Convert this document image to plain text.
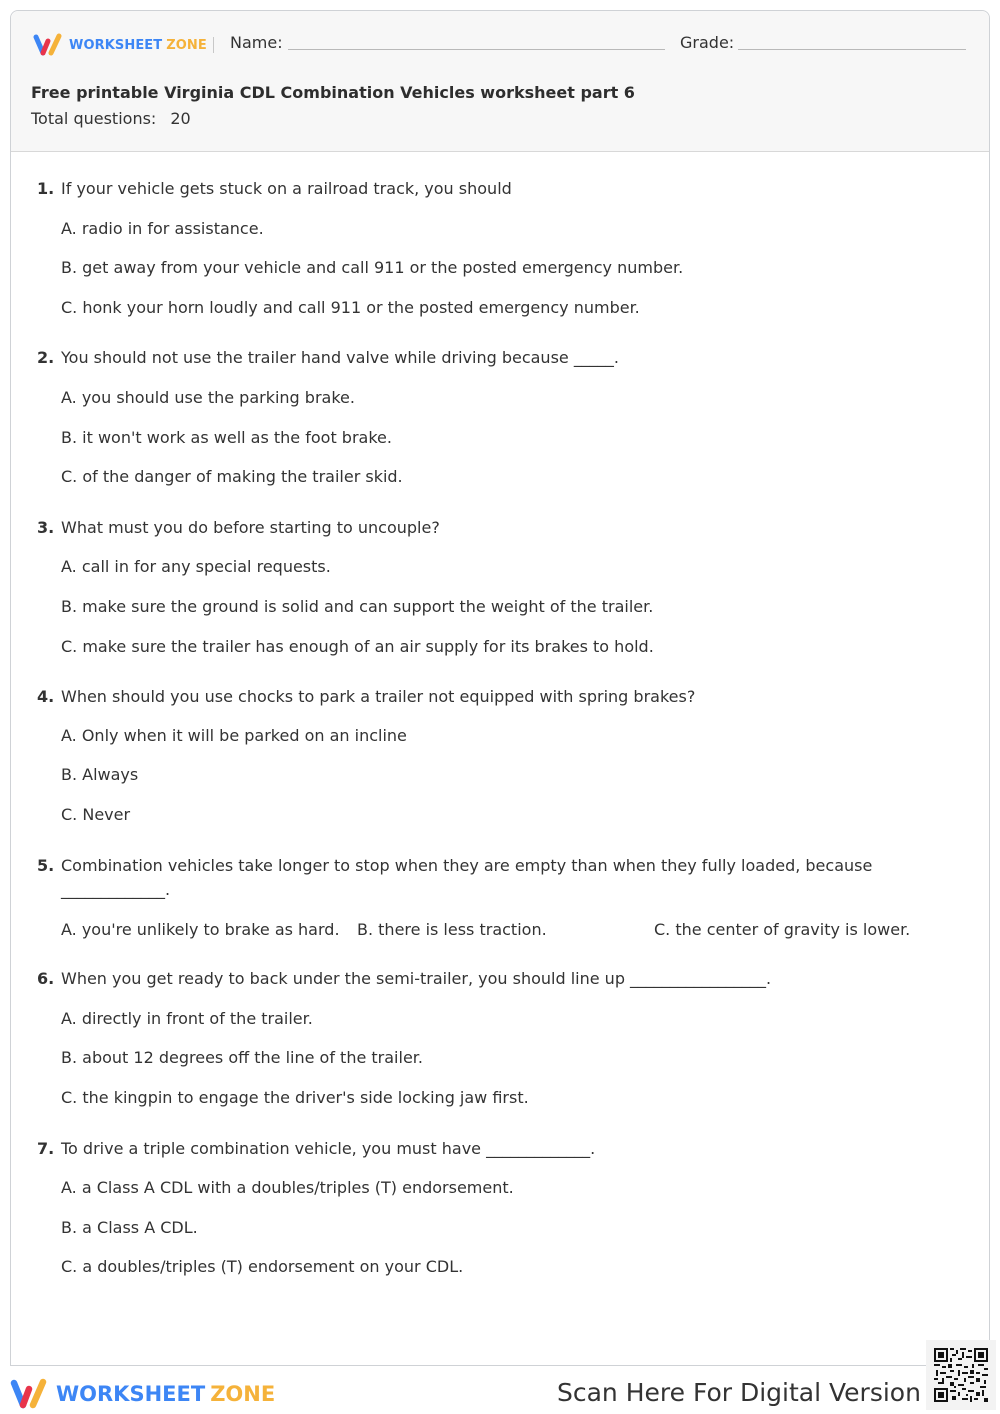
WORKSHEET ZONE Name:	Grade:
Free printable Virginia CDL Combination Vehicles worksheet part 6
Total questions: 20
1. If your vehicle gets stuck on a railroad track, you should
A. radio in for assistance.
B. get away from your vehicle and call 911 or the posted emergency number.
C. honk your horn loudly and call 911 or the posted emergency number.
2. You should not use the trailer hand valve while driving because _____.
A. you should use the parking brake.
B. it won't work as well as the foot brake.
C. of the danger of making the trailer skid.
3. What must you do before starting to uncouple?
A. call in for any special requests.
B. make sure the ground is solid and can support the weight of the trailer.
C. make sure the trailer has enough of an air supply for its brakes to hold.
4. When should you use chocks to park a trailer not equipped with spring brakes?
A. Only when it will be parked on an incline
B. Always
C. Never
5. Combination vehicles take longer to stop when they are empty than when they fully loaded, because
_____________.
A. you're unlikely to brake as hard. B. there is less traction.	C. the center of gravity is lower.
6. When you get ready to back under the semi-trailer, you should line up _________________.
A. directly in front of the trailer.
B. about 12 degrees off the line of the trailer.
C. the kingpin to engage the driver's side locking jaw first.
7. To drive a triple combination vehicle, you must have _____________.
A. a Class A CDL with a doubles/triples (T) endorsement.
B. a Class A CDL.
C. a doubles/triples (T) endorsement on your CDL.
WORKSHEET ZONE	Scan Here For Digital Version
